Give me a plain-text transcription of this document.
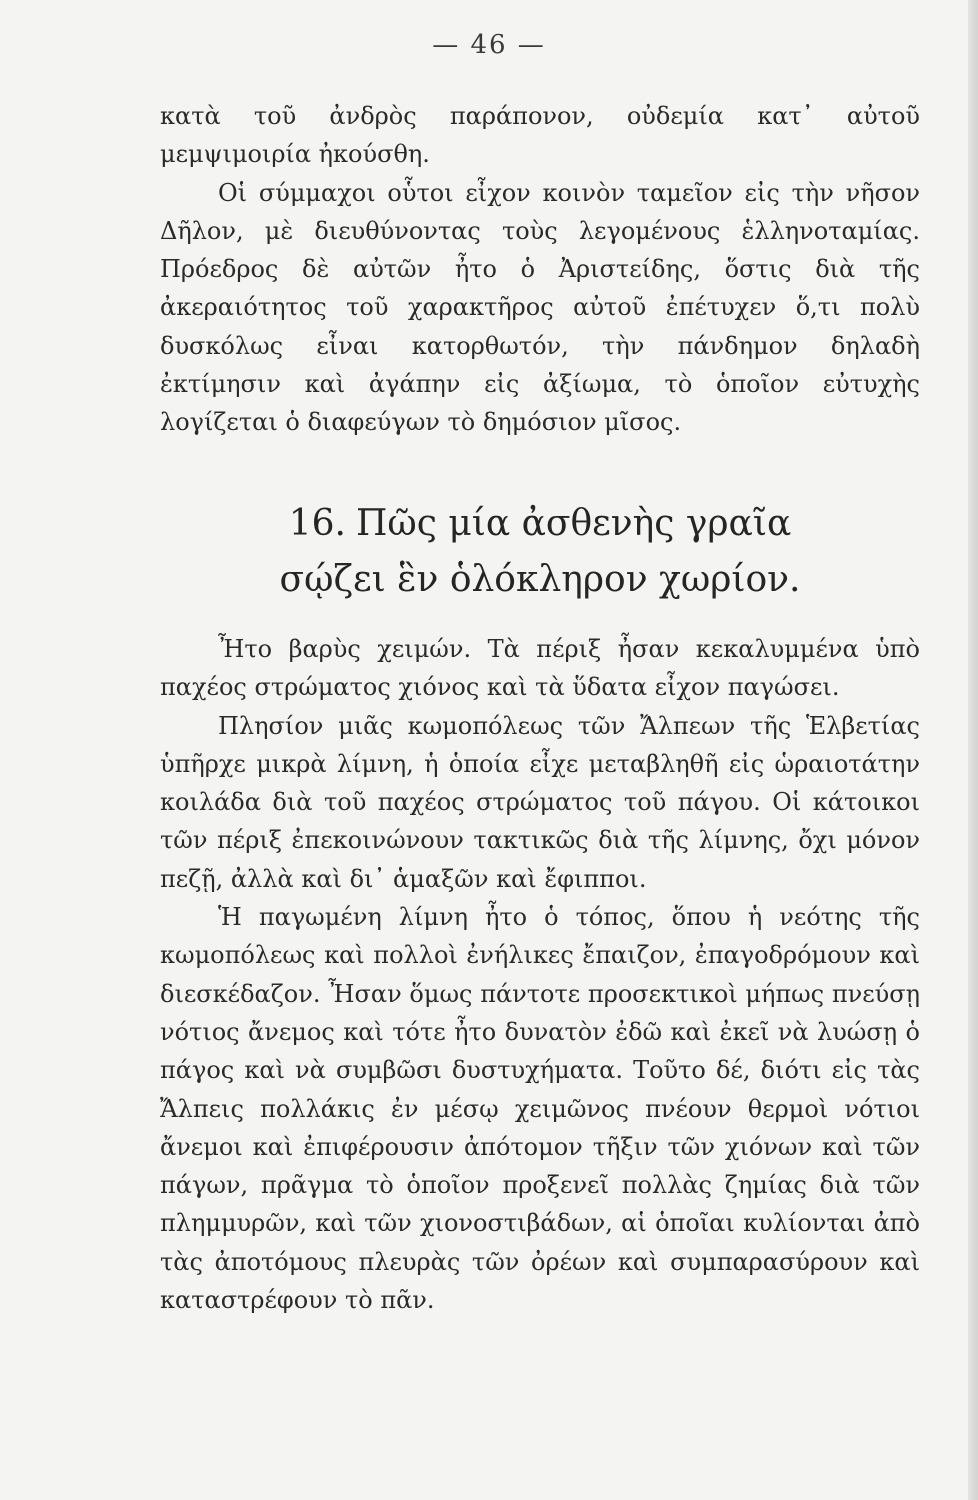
— 46 —

κατὰ τοῦ ἀνδρὸς παράπονον, οὐδεμία κατ᾽ αὐτοῦ μεμψιμοιρία ἠκούσθη.

Οἱ σύμμαχοι οὗτοι εἶχον κοινὸν ταμεῖον εἰς τὴν νῆσον Δῆλον, μὲ διευθύνοντας τοὺς λεγομένους ἑλληνοταμίας. Πρόεδρος δὲ αὐτῶν ἦτο ὁ Ἀριστείδης, ὅστις διὰ τῆς ἀκεραιότητος τοῦ χαρακτῆρος αὐτοῦ ἐπέτυχεν ὅ,τι πολὺ δυσκόλως εἶναι κατορθωτόν, τὴν πάνδημον δηλαδὴ ἐκτίμησιν καὶ ἀγάπην εἰς ἀξίωμα, τὸ ὁποῖον εὐτυχὴς λογίζεται ὁ διαφεύγων τὸ δημόσιον μῖσος.

16. Πῶς μία ἀσθενὴς γραῖα
σῴζει ἓν ὁλόκληρον χωρίον.

Ἦτο βαρὺς χειμών. Τὰ πέριξ ἦσαν κεκαλυμμένα ὑπὸ παχέος στρώματος χιόνος καὶ τὰ ὕδατα εἶχον παγώσει.

Πλησίον μιᾶς κωμοπόλεως τῶν Ἄλπεων τῆς Ἑλβετίας ὑπῆρχε μικρὰ λίμνη, ἡ ὁποία εἶχε μεταβληθῆ εἰς ὡραιοτάτην κοιλάδα διὰ τοῦ παχέος στρώματος τοῦ πάγου. Οἱ κάτοικοι τῶν πέριξ ἐπεκοινώνουν τακτικῶς διὰ τῆς λίμνης, ὄχι μόνον πεζῇ, ἀλλὰ καὶ δι᾽ ἁμαξῶν καὶ ἔφιπποι.

Ἡ παγωμένη λίμνη ἦτο ὁ τόπος, ὅπου ἡ νεότης τῆς κωμοπόλεως καὶ πολλοὶ ἐνήλικες ἔπαιζον, ἐπαγοδρόμουν καὶ διεσκέδαζον. Ἦσαν ὅμως πάντοτε προσεκτικοὶ μήπως πνεύσῃ νότιος ἄνεμος καὶ τότε ἦτο δυνατὸν ἐδῶ καὶ ἐκεῖ νὰ λυώσῃ ὁ πάγος καὶ νὰ συμβῶσι δυστυχήματα. Τοῦτο δέ, διότι εἰς τὰς Ἄλπεις πολλάκις ἐν μέσῳ χειμῶνος πνέουν θερμοὶ νότιοι ἄνεμοι καὶ ἐπιφέρουσιν ἀπότομον τῆξιν τῶν χιόνων καὶ τῶν πάγων, πρᾶγμα τὸ ὁποῖον προξενεῖ πολλὰς ζημίας διὰ τῶν πλημμυρῶν, καὶ τῶν χιονοστιβάδων, αἱ ὁποῖαι κυλίονται ἀπὸ τὰς ἀποτόμους πλευρὰς τῶν ὀρέων καὶ συμπαρασύρουν καὶ καταστρέφουν τὸ πᾶν.
